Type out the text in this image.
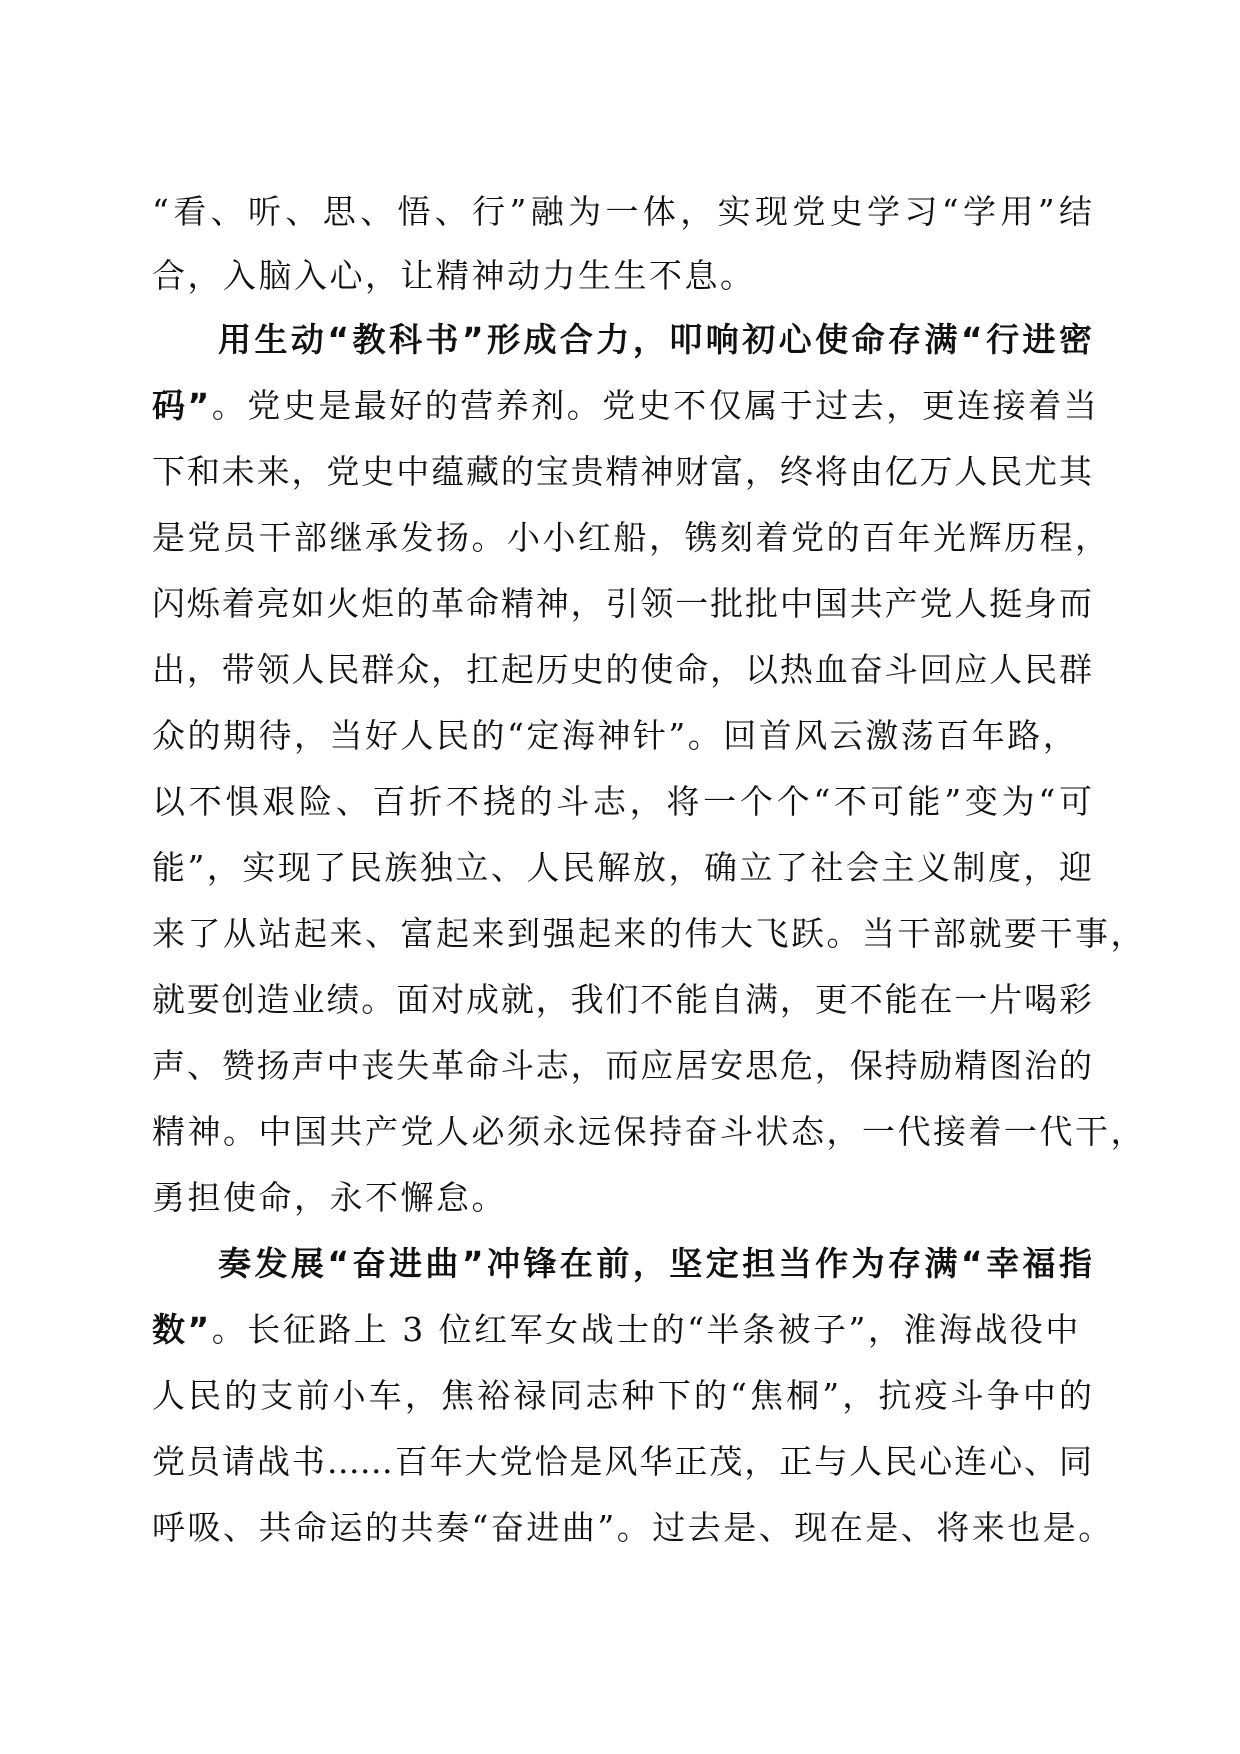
“看、听、思、悟、行”融为一体，实现党史学习“学用”结
合，入脑入心，让精神动力生生不息。
用生动“教科书”形成合力，叩响初心使命存满“行进密
码”。党史是最好的营养剂。党史不仅属于过去，更连接着当
下和未来，党史中蕴藏的宝贵精神财富，终将由亿万人民尤其
是党员干部继承发扬。小小红船，镌刻着党的百年光辉历程，
闪烁着亮如火炬的革命精神，引领一批批中国共产党人挺身而
出，带领人民群众，扛起历史的使命，以热血奋斗回应人民群
众的期待，当好人民的“定海神针”。回首风云激荡百年路，
以不惧艰险、百折不挠的斗志，将一个个“不可能”变为“可
能”，实现了民族独立、人民解放，确立了社会主义制度，迎
来了从站起来、富起来到强起来的伟大飞跃。当干部就要干事，
就要创造业绩。面对成就，我们不能自满，更不能在一片喝彩
声、赞扬声中丧失革命斗志，而应居安思危，保持励精图治的
精神。中国共产党人必须永远保持奋斗状态，一代接着一代干，
勇担使命，永不懈怠。
奏发展“奋进曲”冲锋在前，坚定担当作为存满“幸福指
数”。长征路上 3 位红军女战士的“半条被子”，淮海战役中
人民的支前小车，焦裕禄同志种下的“焦桐”，抗疫斗争中的
党员请战书……百年大党恰是风华正茂，正与人民心连心、同
呼吸、共命运的共奏“奋进曲”。过去是、现在是、将来也是。
